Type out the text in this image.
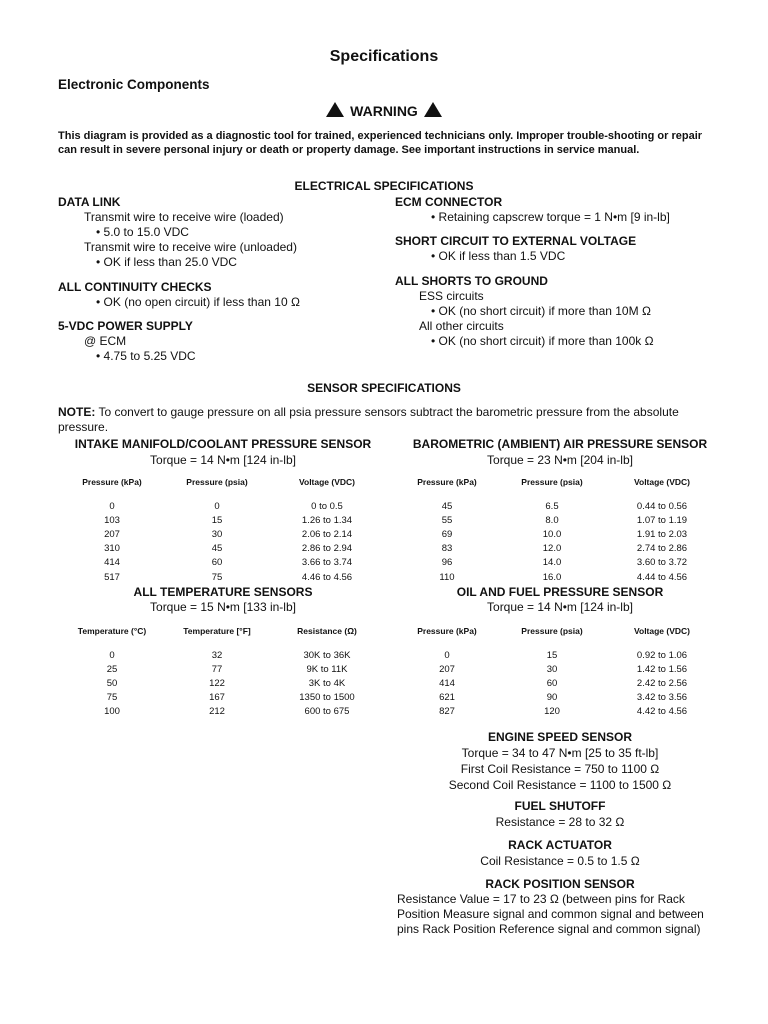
Specifications
Electronic Components
WARNING
This diagram is provided as a diagnostic tool for trained, experienced technicians only. Improper trouble-shooting or repair can result in severe personal injury or death or property damage. See important instructions in service manual.
ELECTRICAL SPECIFICATIONS
DATA LINK
Transmit wire to receive wire (loaded)
• 5.0 to 15.0 VDC
Transmit wire to receive wire (unloaded)
• OK if less than 25.0 VDC
ALL CONTINUITY CHECKS
• OK (no open circuit) if less than 10 Ω
5-VDC POWER SUPPLY
@ ECM
• 4.75 to 5.25 VDC
ECM CONNECTOR
• Retaining capscrew torque = 1 N•m [9 in-lb]
SHORT CIRCUIT TO EXTERNAL VOLTAGE
• OK if less than 1.5 VDC
ALL SHORTS TO GROUND
ESS circuits
• OK (no short circuit) if more than 10M Ω
All other circuits
• OK (no short circuit) if more than 100k Ω
SENSOR SPECIFICATIONS
NOTE: To convert to gauge pressure on all psia pressure sensors subtract the barometric pressure from the absolute pressure.
INTAKE MANIFOLD/COOLANT PRESSURE SENSOR
Torque = 14 N•m [124 in-lb]
Pressure (kPa)	Pressure (psia)	Voltage (VDC)
0	0	0 to 0.5
103	15	1.26 to 1.34
207	30	2.06 to 2.14
310	45	2.86 to 2.94
414	60	3.66 to 3.74
517	75	4.46 to 4.56
BAROMETRIC (AMBIENT) AIR PRESSURE SENSOR
Torque = 23 N•m [204 in-lb]
Pressure (kPa)	Pressure (psia)	Voltage (VDC)
45	6.5	0.44 to 0.56
55	8.0	1.07 to 1.19
69	10.0	1.91 to 2.03
83	12.0	2.74 to 2.86
96	14.0	3.60 to 3.72
110	16.0	4.44 to 4.56
ALL TEMPERATURE SENSORS
Torque = 15 N•m [133 in-lb]
Temperature (°C)	Temperature [°F]	Resistance (Ω)
0	32	30K to 36K
25	77	9K to 11K
50	122	3K to 4K
75	167	1350 to 1500
100	212	600 to 675
OIL AND FUEL PRESSURE SENSOR
Torque = 14 N•m [124 in-lb]
Pressure (kPa)	Pressure (psia)	Voltage (VDC)
0	15	0.92 to 1.06
207	30	1.42 to 1.56
414	60	2.42 to 2.56
621	90	3.42 to 3.56
827	120	4.42 to 4.56
ENGINE SPEED SENSOR
Torque = 34 to 47 N•m [25 to 35 ft-lb]
First Coil Resistance = 750 to 1100 Ω
Second Coil Resistance = 1100 to 1500 Ω
FUEL SHUTOFF
Resistance = 28 to 32 Ω
RACK ACTUATOR
Coil Resistance = 0.5 to 1.5 Ω
RACK POSITION SENSOR
Resistance Value = 17 to 23 Ω (between pins for Rack Position Measure signal and common signal and between pins Rack Position Reference signal and common signal)
